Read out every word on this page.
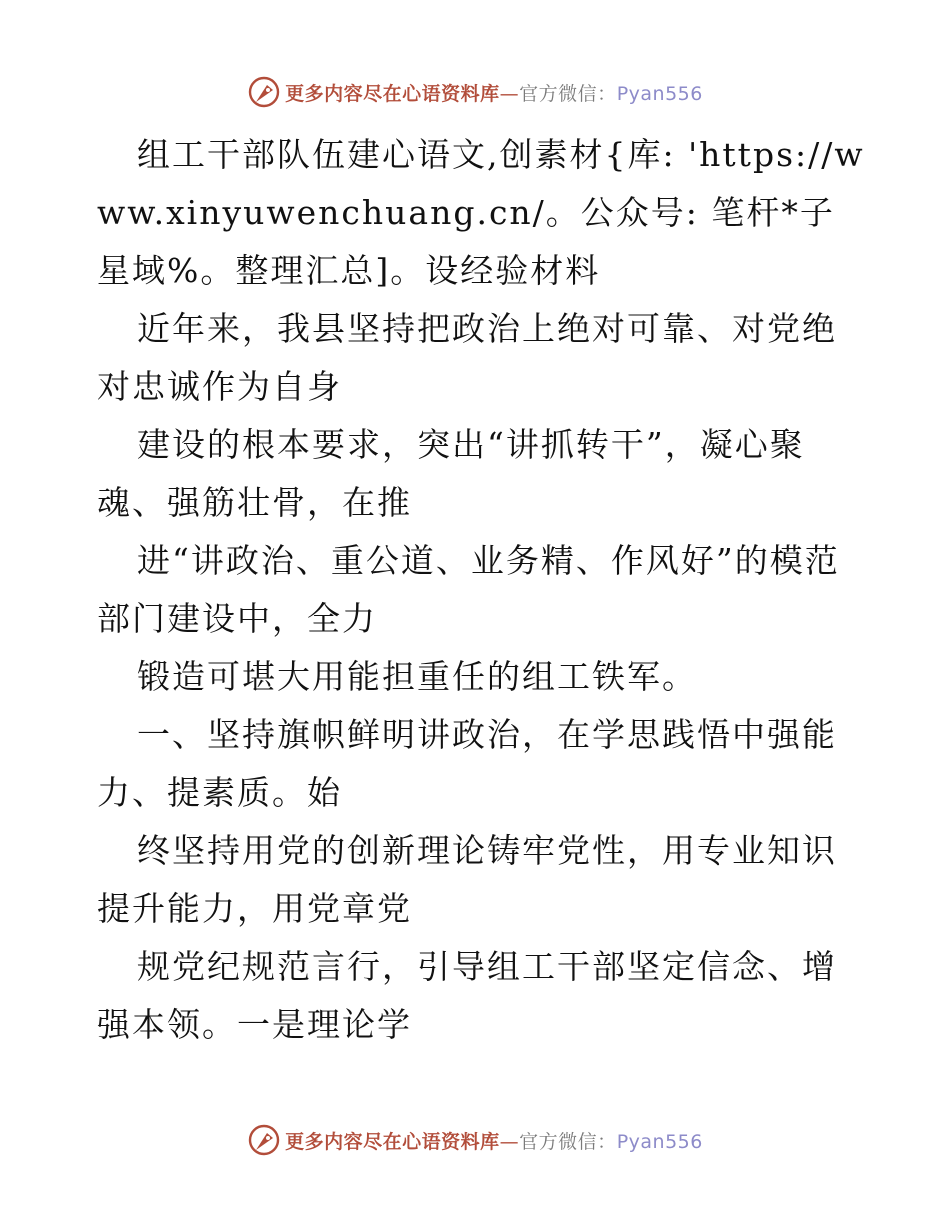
更多内容尽在心语资料库—官方微信：Pyan556

组工干部队伍建心语文,创素材{库: 'https://www.xinyuwenchuang.cn/。公众号: 笔杆*子星域%。整理汇总]。设经验材料

近年来，我县坚持把政治上绝对可靠、对党绝对忠诚作为自身

建设的根本要求，突出“讲抓转干”，凝心聚魂、强筋壮骨，在推

进“讲政治、重公道、业务精、作风好”的模范部门建设中，全力

锻造可堪大用能担重任的组工铁军。

一、坚持旗帜鲜明讲政治，在学思践悟中强能力、提素质。始

终坚持用党的创新理论铸牢党性，用专业知识提升能力，用党章党

规党纪规范言行，引导组工干部坚定信念、增强本领。一是理论学

更多内容尽在心语资料库—官方微信：Pyan556
